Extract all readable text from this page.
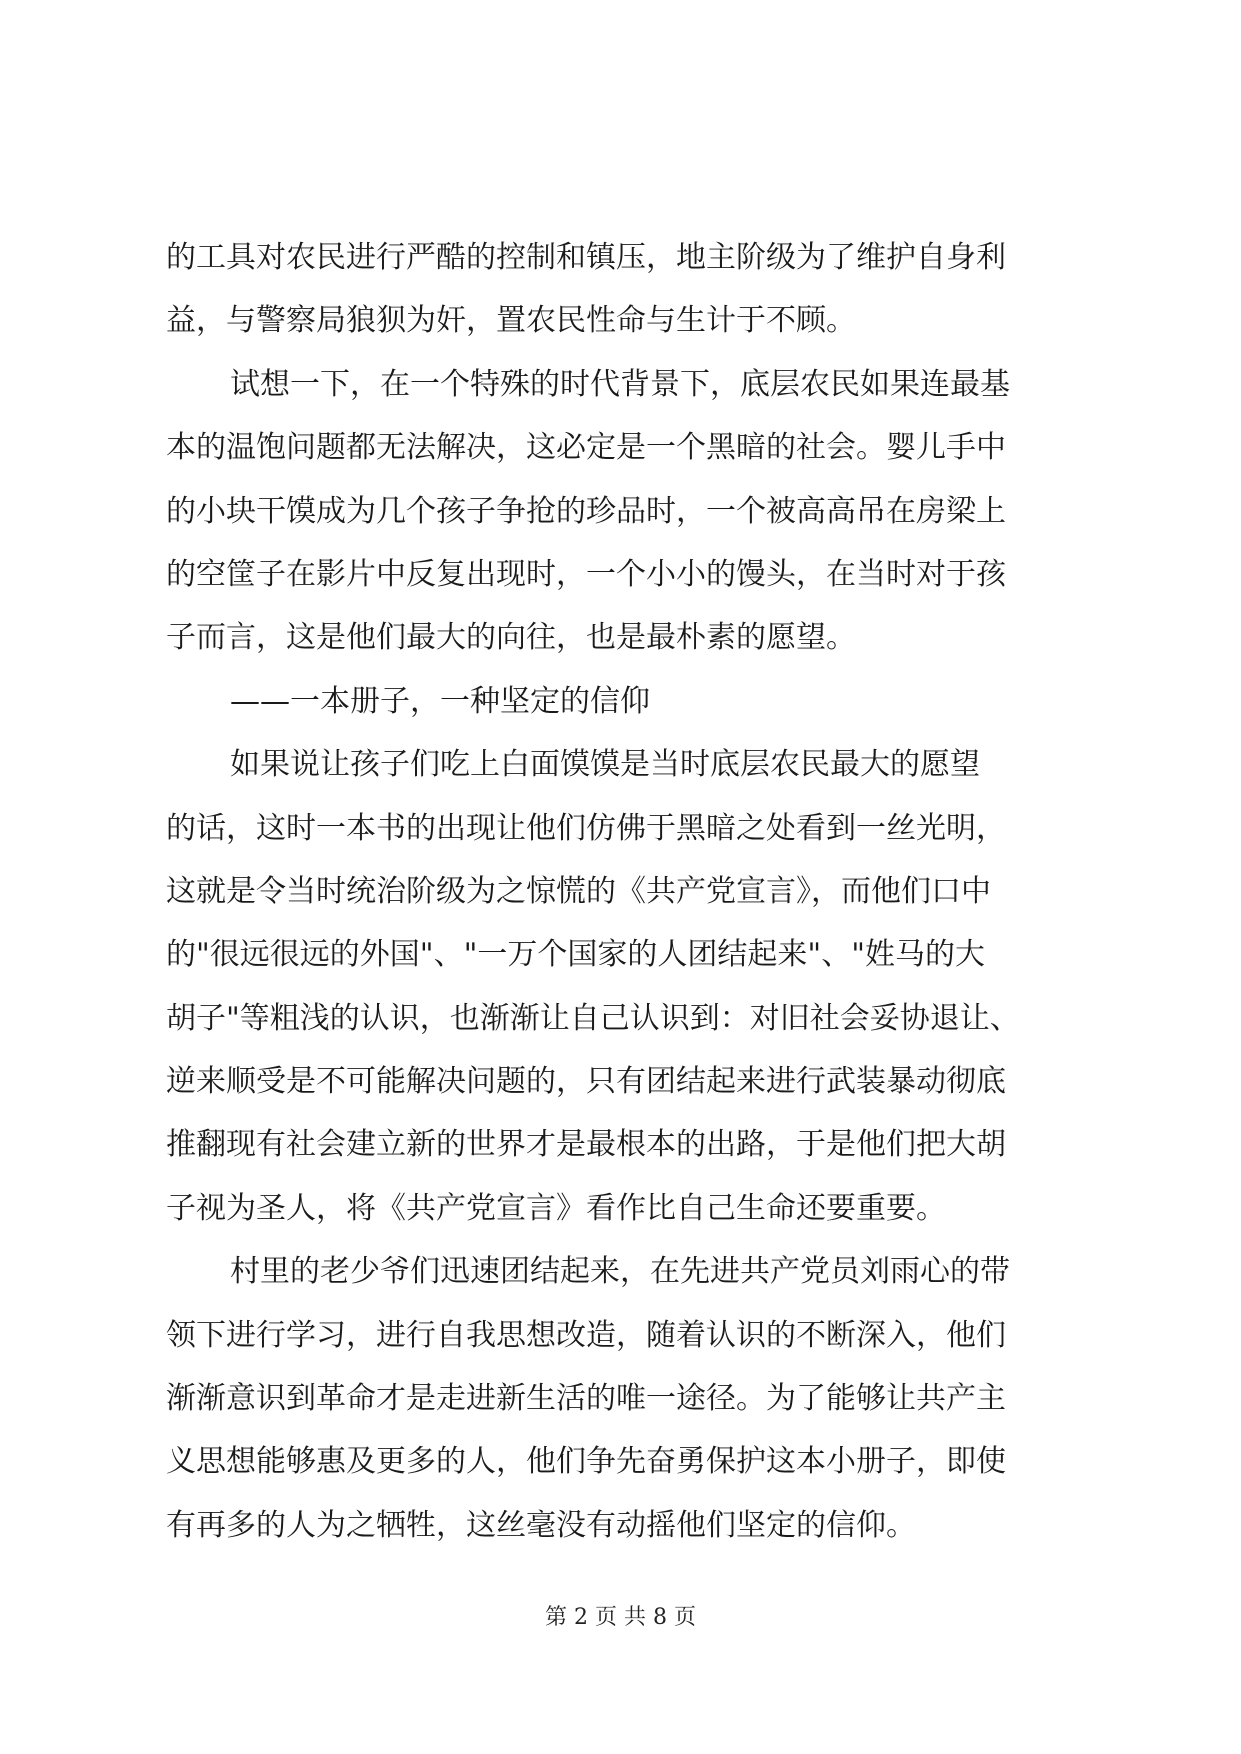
的工具对农民进行严酷的控制和镇压，地主阶级为了维护自身利
益，与警察局狼狈为奸，置农民性命与生计于不顾。
试想一下，在一个特殊的时代背景下，底层农民如果连最基
本的温饱问题都无法解决，这必定是一个黑暗的社会。婴儿手中
的小块干馍成为几个孩子争抢的珍品时，一个被高高吊在房梁上
的空筐子在影片中反复出现时，一个小小的馒头，在当时对于孩
子而言，这是他们最大的向往，也是最朴素的愿望。
——一本册子，一种坚定的信仰
如果说让孩子们吃上白面馍馍是当时底层农民最大的愿望
的话，这时一本书的出现让他们仿佛于黑暗之处看到一丝光明，
这就是令当时统治阶级为之惊慌的《共产党宣言》，而他们口中
的"很远很远的外国"、"一万个国家的人团结起来"、"姓马的大
胡子"等粗浅的认识，也渐渐让自己认识到：对旧社会妥协退让、
逆来顺受是不可能解决问题的，只有团结起来进行武装暴动彻底
推翻现有社会建立新的世界才是最根本的出路，于是他们把大胡
子视为圣人，将《共产党宣言》看作比自己生命还要重要。
村里的老少爷们迅速团结起来，在先进共产党员刘雨心的带
领下进行学习，进行自我思想改造，随着认识的不断深入，他们
渐渐意识到革命才是走进新生活的唯一途径。为了能够让共产主
义思想能够惠及更多的人，他们争先奋勇保护这本小册子，即使
有再多的人为之牺牲，这丝毫没有动摇他们坚定的信仰。
第 2 页 共 8 页
